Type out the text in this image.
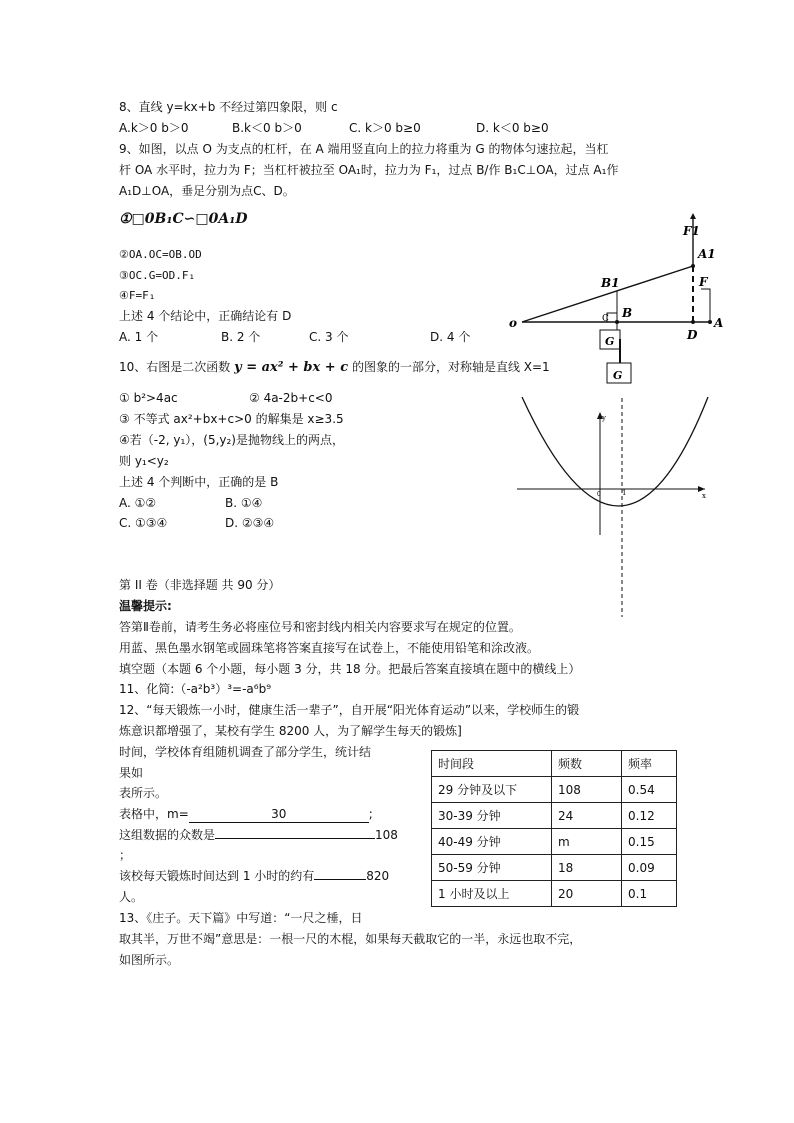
8、直线 y=kx+b 不经过第四象限，则 c
A.k＞0 b＞0	B.k＜0 b＞0	C. k＞0 b≥0	D. k＜0 b≥0
9、如图，以点 O 为支点的杠杆，在 A 端用竖直向上的拉力将重为 G 的物体匀速拉起，当杠
杆 OA 水平时，拉力为 F；当杠杆被拉至 OA₁时，拉力为 F₁，过点 B/作 B₁C⊥OA，过点 A₁作
A₁D⊥OA，垂足分别为点C、D。
①□0B₁C∽□0A₁D
②OA.OC=OB.OD
③OC.G=OD.F₁
④F=F₁
上述 4 个结论中，正确结论有 D
A. 1 个	B. 2 个	C. 3 个	D. 4 个
F1
A1
B1	F
B
C
o
D
A
G
G
10、右图是二次函数 y = ax² + bx + c 的图象的一部分，对称轴是直线 X=1
① b²>4ac	② 4a-2b+c<0
③ 不等式 ax²+bx+c>0 的解集是 x≥3.5
④若（-2, y₁），(5,y₂)是抛物线上的两点，
则 y₁<y₂
上述 4 个判断中，正确的是 B
A. ①②	B. ①④
C. ①③④	D. ②③④
x
y
0	1
第 II 卷（非选择题 共 90 分）
温馨提示:
答第Ⅱ卷前，请考生务必将座位号和密封线内相关内容要求写在规定的位置。
用蓝、黑色墨水钢笔或圆珠笔将答案直接写在试卷上，不能使用铅笔和涂改液。
填空题（本题 6 个小题，每小题 3 分，共 18 分。把最后答案直接填在题中的横线上）
11、化简:（-a²b³）³=-a⁶b⁹
12、“每天锻炼一小时，健康生活一辈子”，自开展“阳光体育运动”以来，学校师生的锻
炼意识都增强了，某校有学生 8200 人，为了解学生每天的锻炼]
时间，学校体育组随机调查了部分学生，统计结
果如
表所示。
表格中，m=	30	;
这组数据的众数是	108
；
该校每天锻炼时间达到 1 小时的约有	820
人。
时间段	频数	频率
29 分钟及以下	108	0.54
30-39 分钟	24	0.12
40-49 分钟	m	0.15
50-59 分钟	18	0.09
1 小时及以上	20	0.1
13、《庄子。天下篇》中写道：“一尺之棰，日
取其半，万世不竭”意思是：一根一尺的木棍，如果每天截取它的一半，永远也取不完，
如图所示。
